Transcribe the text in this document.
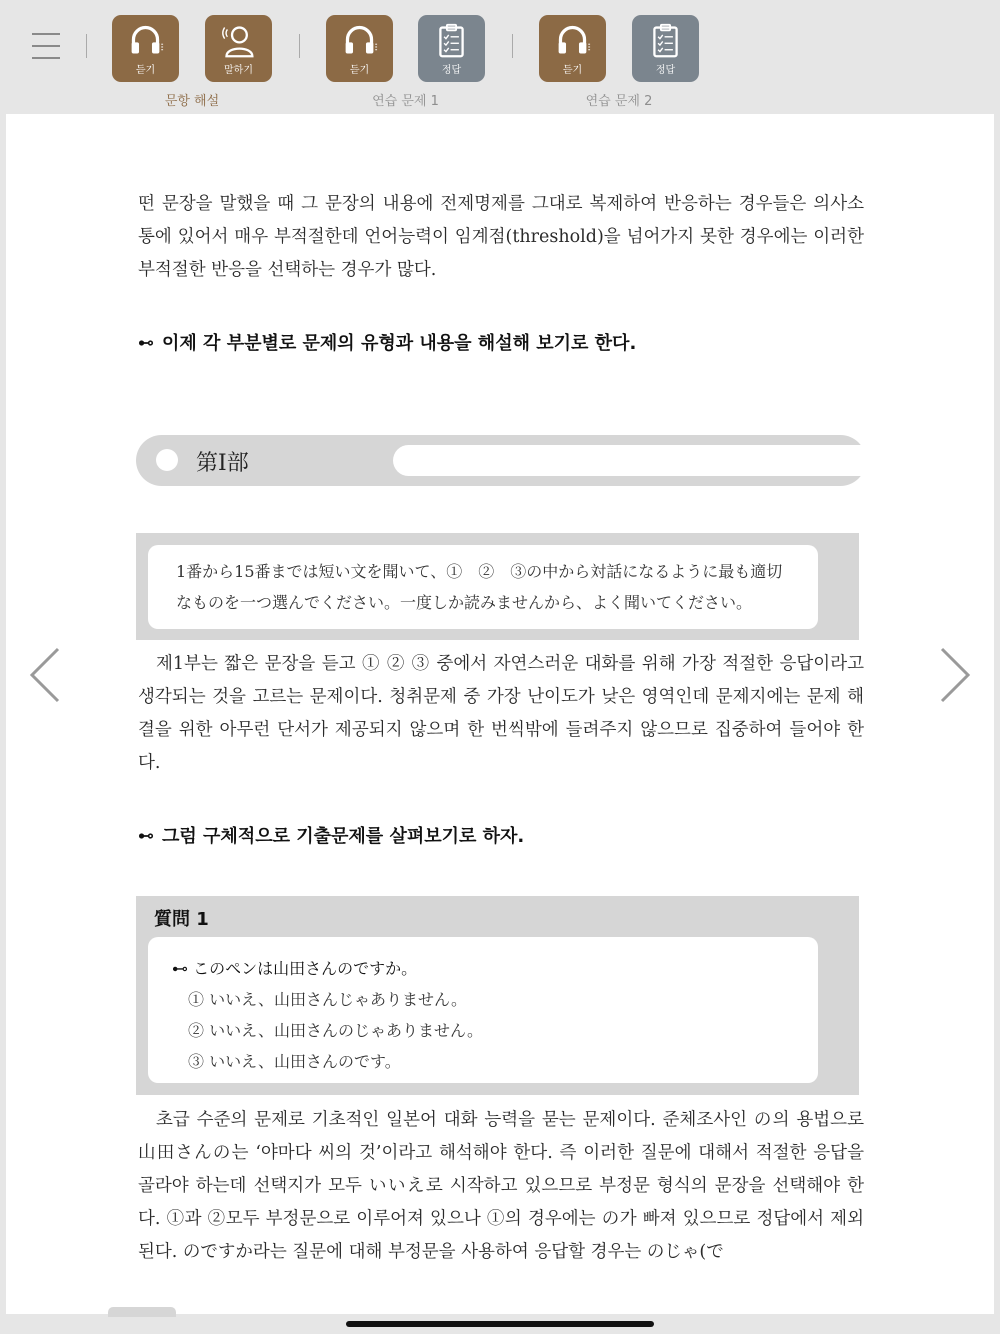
듣기	말하기
문항 해설
듣기	정답
연습 문제 1
듣기	정답
연습 문제 2
떤 문장을 말했을 때 그 문장의 내용에 전제명제를 그대로 복제하여 반응하는 경우들은 의사소통에 있어서 매우 부적절한데 언어능력이 임계점(threshold)을 넘어가지 못한 경우에는 이러한 부적절한 반응을 선택하는 경우가 많다.
⊷ 이제 각 부분별로 문제의 유형과 내용을 해설해 보기로 한다.
第Ⅰ部
1番から15番までは短い文を聞いて、①　②　③の中から対話になるように最も適切なものを一つ選んでください。一度しか読みませんから、よく聞いてください。
제1부는 짧은 문장을 듣고 ① ② ③ 중에서 자연스러운 대화를 위해 가장 적절한 응답이라고 생각되는 것을 고르는 문제이다. 청취문제 중 가장 난이도가 낮은 영역인데 문제지에는 문제 해결을 위한 아무런 단서가 제공되지 않으며 한 번씩밖에 들려주지 않으므로 집중하여 들어야 한다.
⊷ 그럼 구체적으로 기출문제를 살펴보기로 하자.
質問 1
⊷ このペンは山田さんのですか。
① いいえ、山田さんじゃありません。
② いいえ、山田さんのじゃありません。
③ いいえ、山田さんのです。
초급 수준의 문제로 기초적인 일본어 대화 능력을 묻는 문제이다. 준체조사인 の의 용법으로 山田さんの는 ‘야마다 씨의 것’이라고 해석해야 한다. 즉 이러한 질문에 대해서 적절한 응답을 골라야 하는데 선택지가 모두 いいえ로 시작하고 있으므로 부정문 형식의 문장을 선택해야 한다. ①과 ②모두 부정문으로 이루어져 있으나 ①의 경우에는 の가 빠져 있으므로 정답에서 제외된다. のですか라는 질문에 대해 부정문을 사용하여 응답할 경우는 のじゃ(で
